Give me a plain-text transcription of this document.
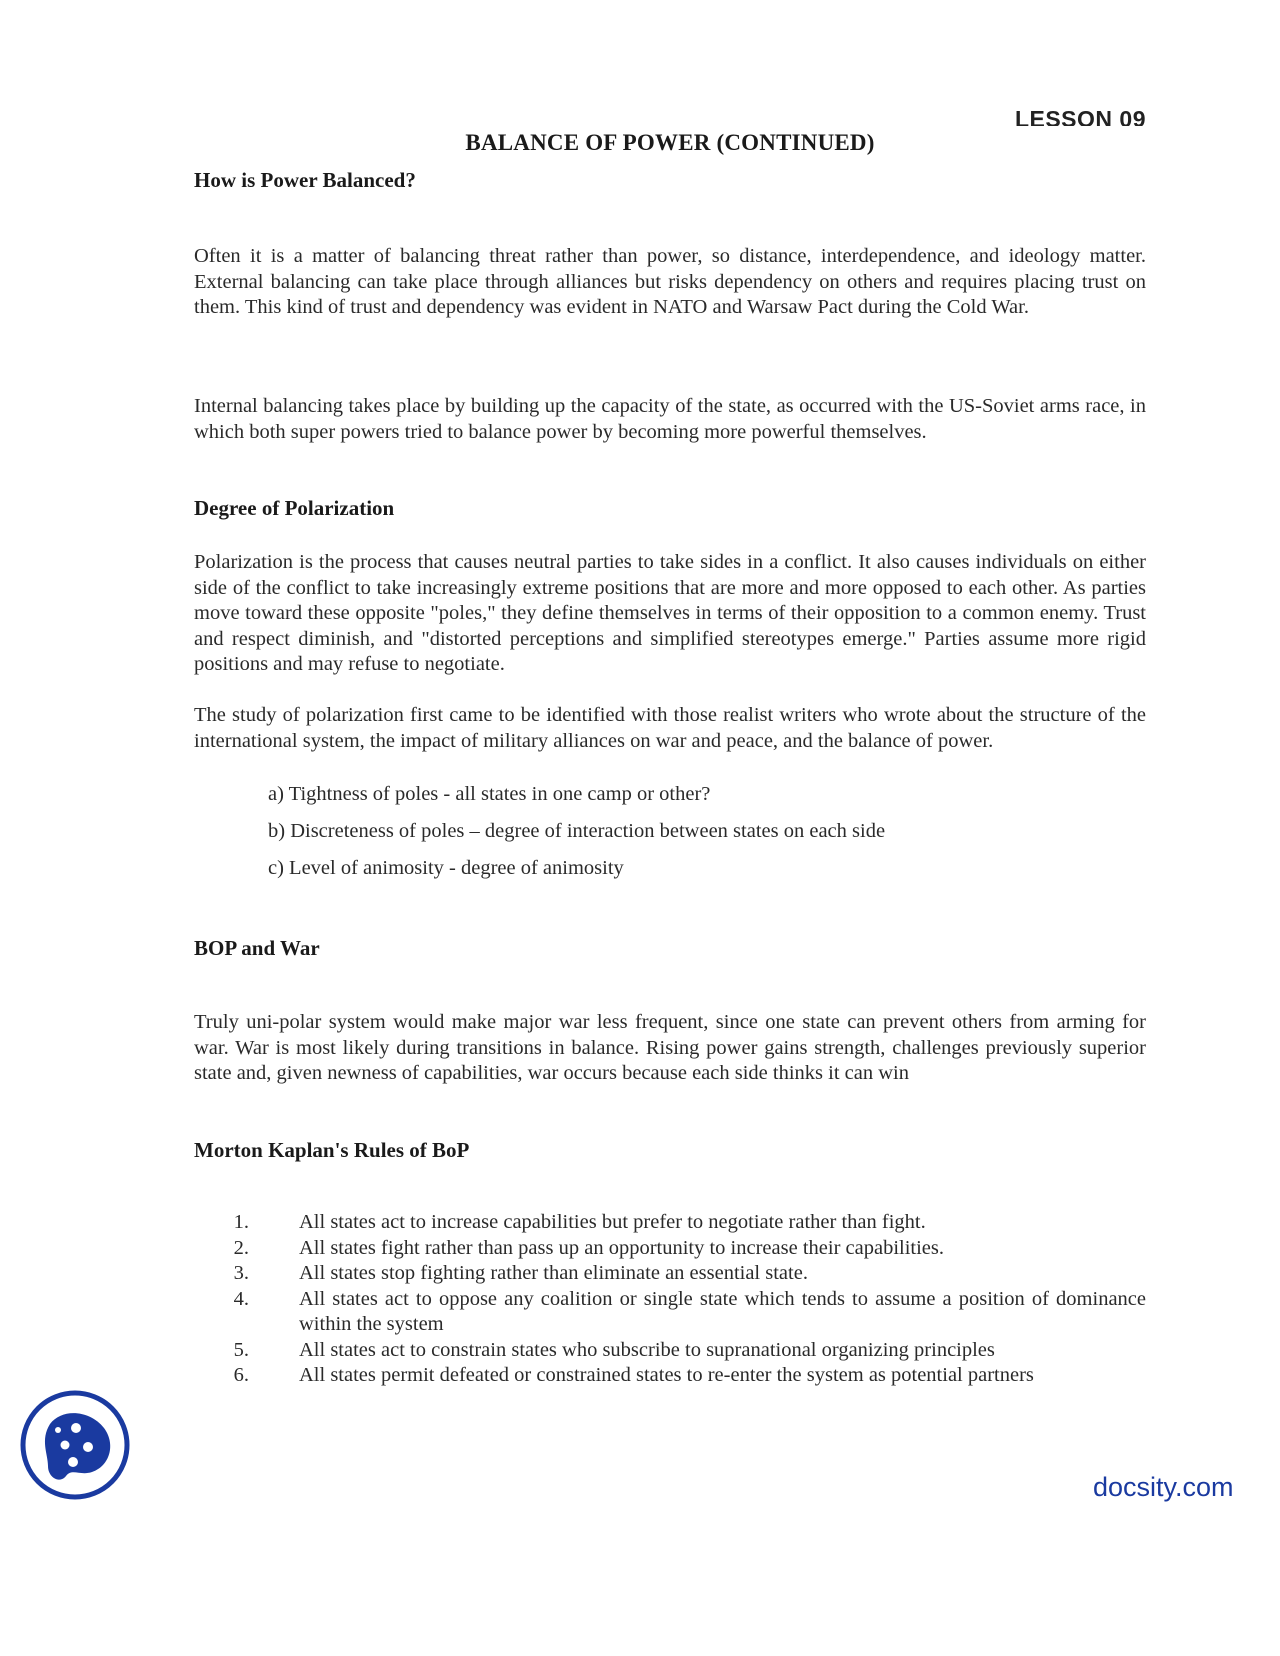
LESSON 09
BALANCE OF POWER (CONTINUED)
How is Power Balanced?

Often it is a matter of balancing threat rather than power, so distance, interdependence, and ideology matter. External balancing can take place through alliances but risks dependency on others and requires placing trust on them. This kind of trust and dependency was evident in NATO and Warsaw Pact during the Cold War.

Internal balancing takes place by building up the capacity of the state, as occurred with the US-Soviet arms race, in which both super powers tried to balance power by becoming more powerful themselves.

Degree of Polarization

Polarization is the process that causes neutral parties to take sides in a conflict. It also causes individuals on either side of the conflict to take increasingly extreme positions that are more and more opposed to each other. As parties move toward these opposite "poles," they define themselves in terms of their opposition to a common enemy. Trust and respect diminish, and "distorted perceptions and simplified stereotypes emerge." Parties assume more rigid positions and may refuse to negotiate.

The study of polarization first came to be identified with those realist writers who wrote about the structure of the international system, the impact of military alliances on war and peace, and the balance of power.

a) Tightness of poles - all states in one camp or other?

b) Discreteness of poles – degree of interaction between states on each side

c) Level of animosity - degree of animosity

BOP and War

Truly uni-polar system would make major war less frequent, since one state can prevent others from arming for war. War is most likely during transitions in balance. Rising power gains strength, challenges previously superior state and, given newness of capabilities, war occurs because each side thinks it can win

Morton Kaplan's Rules of BoP
1. All states act to increase capabilities but prefer to negotiate rather than fight.
2. All states fight rather than pass up an opportunity to increase their capabilities.
3. All states stop fighting rather than eliminate an essential state.
4. All states act to oppose any coalition or single state which tends to assume a position of dominance within the system
5. All states act to constrain states who subscribe to supranational organizing principles
6. All states permit defeated or constrained states to re-enter the system as potential partners
docsity.com
